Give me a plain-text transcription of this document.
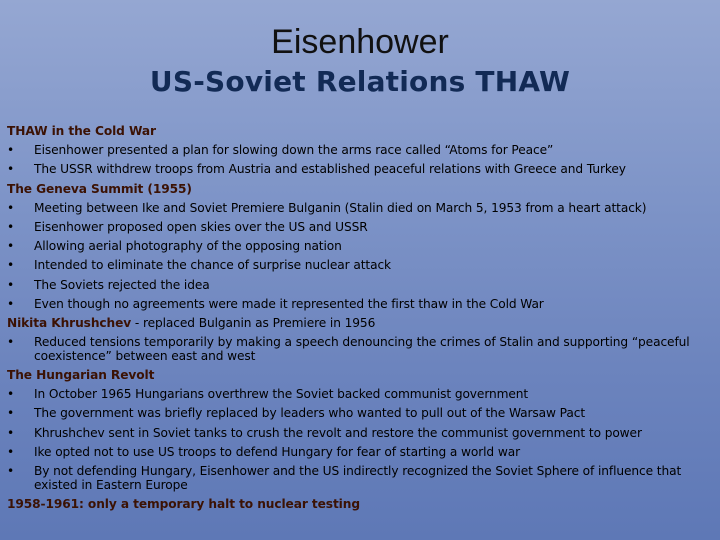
Eisenhower
US-Soviet Relations THAW
THAW in the Cold War
•	Eisenhower presented a plan for slowing down the arms race called “Atoms for Peace”
•	The USSR withdrew troops from Austria and established peaceful relations with Greece and Turkey
The Geneva Summit (1955)
•	Meeting between Ike and Soviet Premiere Bulganin (Stalin died on March 5, 1953 from a heart attack)
•	Eisenhower proposed open skies over the US and USSR
•	Allowing aerial photography of the opposing nation
•	Intended to eliminate the chance of surprise nuclear attack
•	The Soviets rejected the idea
•	Even though no agreements were made it represented the first thaw in the Cold War
Nikita Khrushchev - replaced Bulganin as Premiere in 1956
•	Reduced tensions temporarily by making a speech denouncing the crimes of Stalin and supporting “peaceful coexistence” between east and west
The Hungarian Revolt
•	In October 1965 Hungarians overthrew the Soviet backed communist government
•	The government was briefly replaced by leaders who wanted to pull out of the Warsaw Pact
•	Khrushchev sent in Soviet tanks to crush the revolt and restore the communist government to power
•	Ike opted not to use US troops to defend Hungary for fear of starting a world war
•	By not defending Hungary, Eisenhower and the US indirectly recognized the Soviet Sphere of influence that existed in Eastern Europe
1958-1961: only a temporary halt to nuclear testing
